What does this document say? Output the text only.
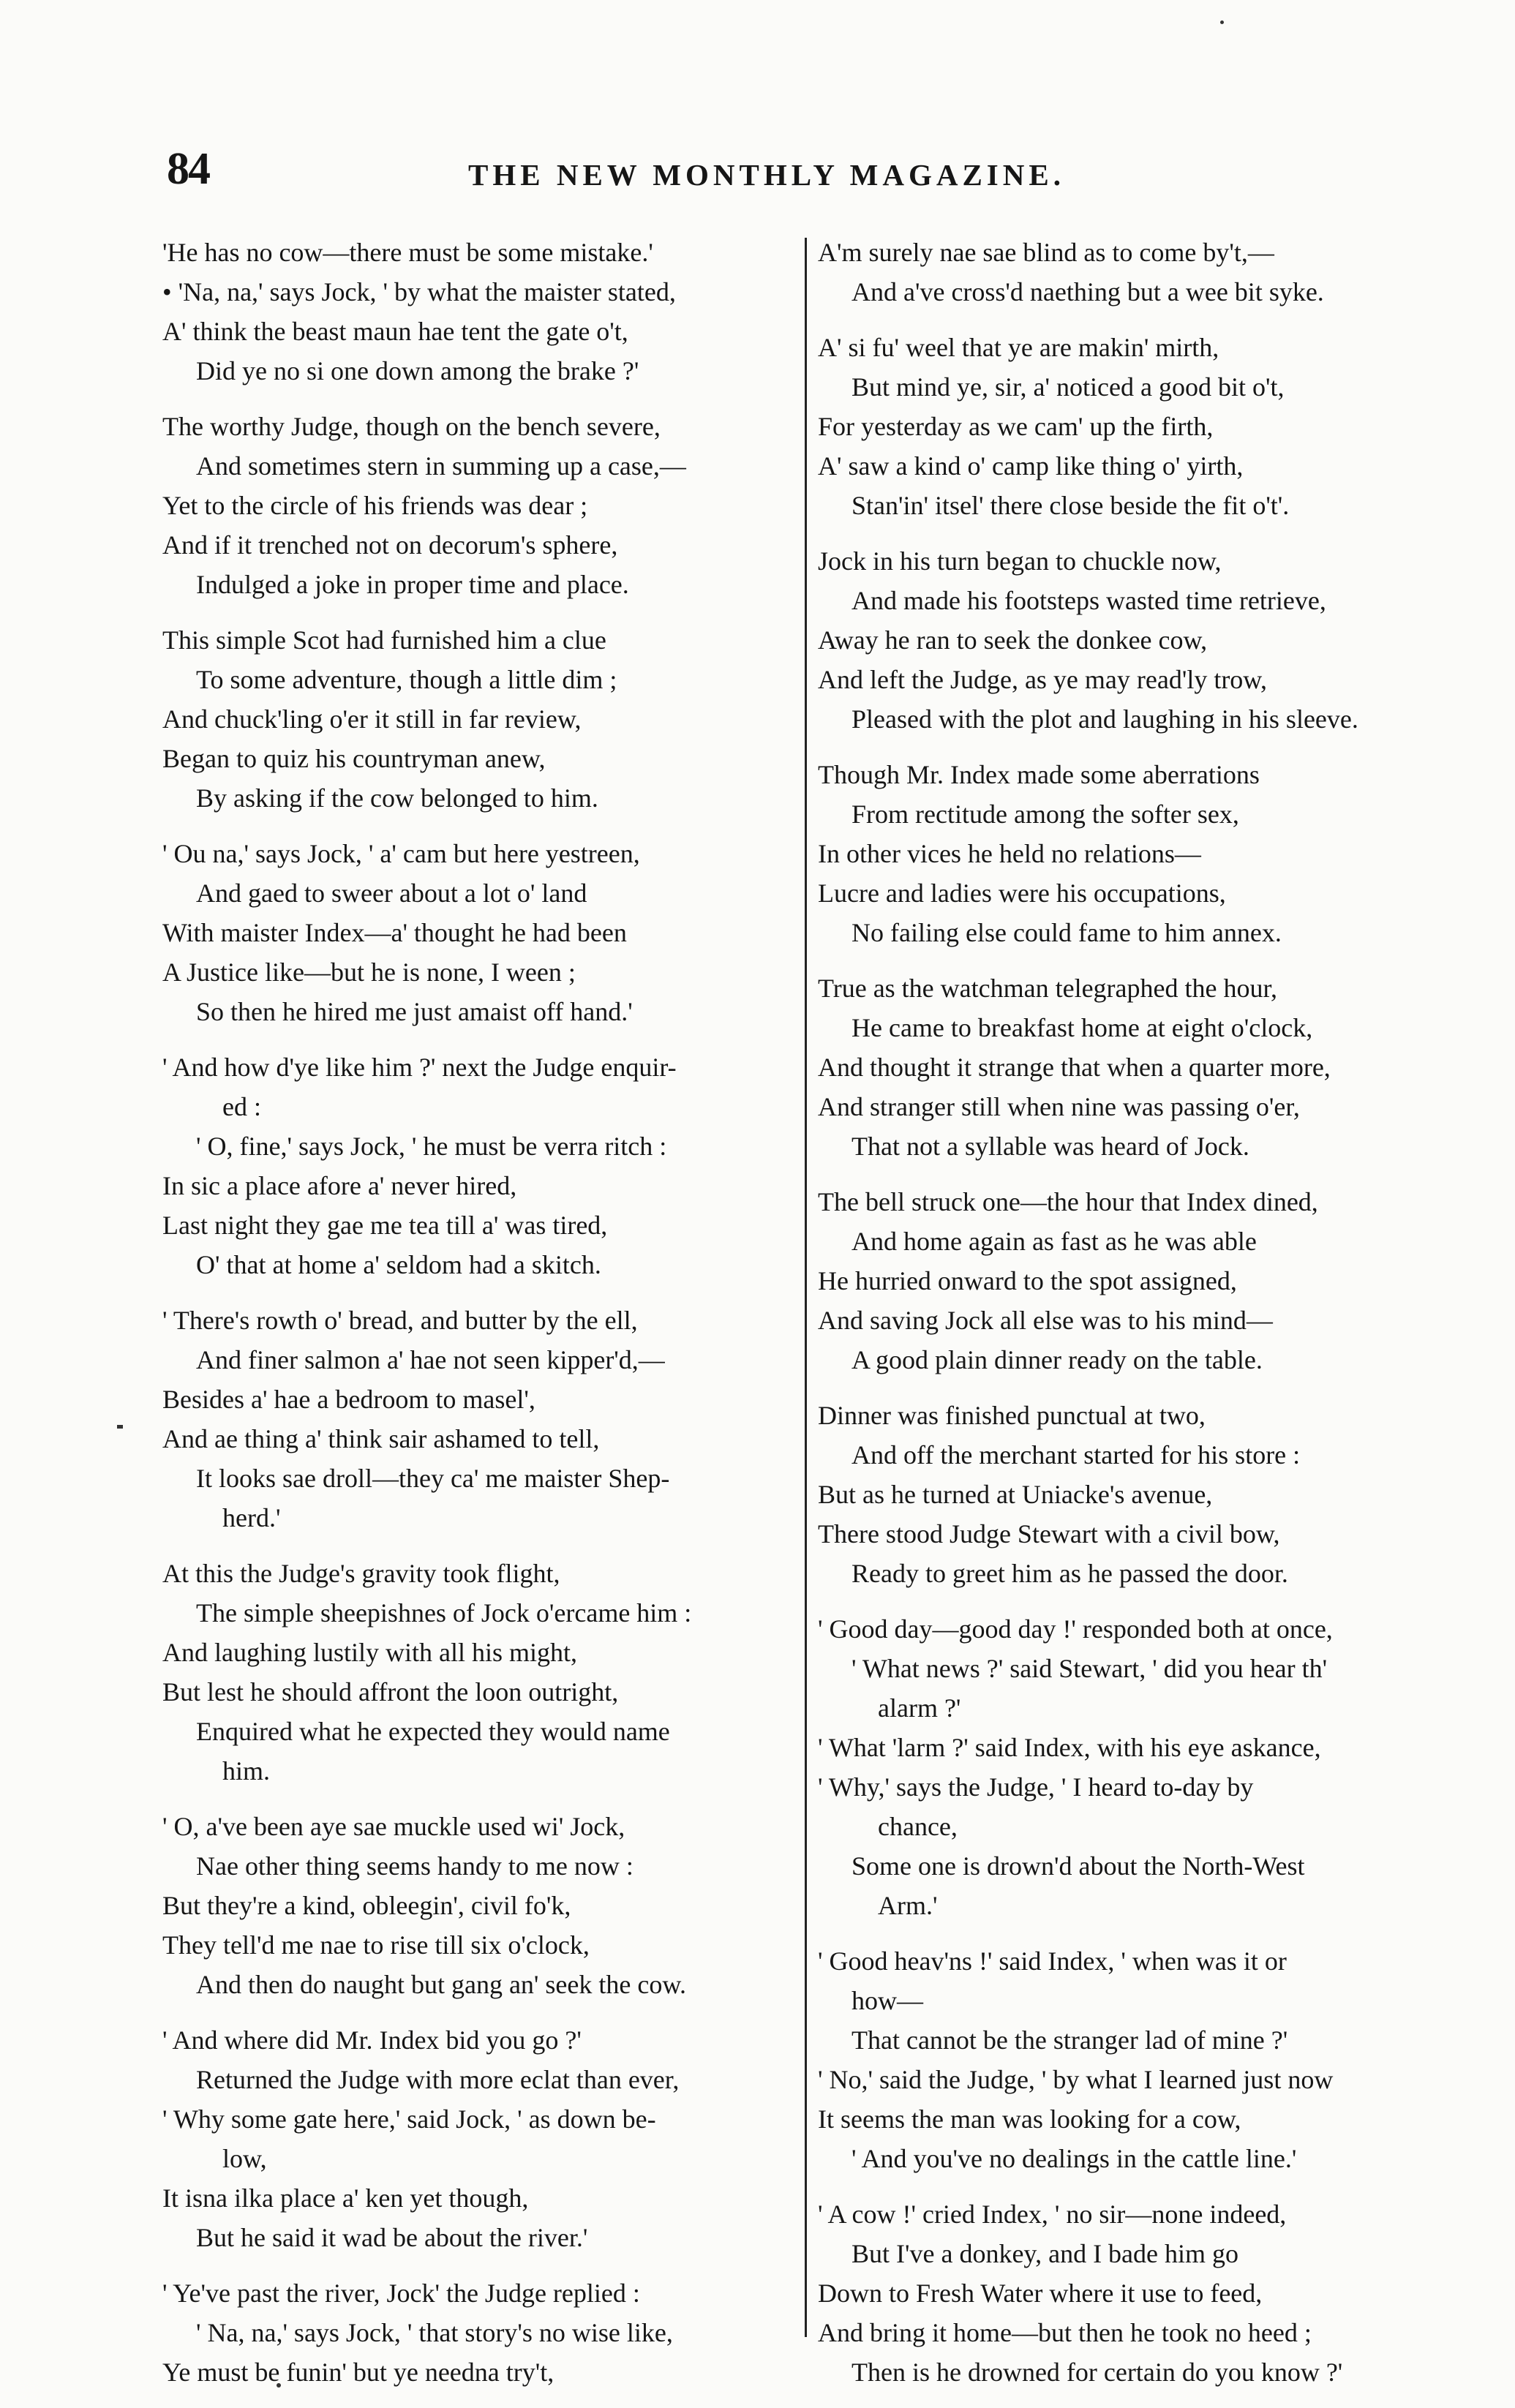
84	THE NEW MONTHLY MAGAZINE.
'He has no cow—there must be some mistake.'
• 'Na, na,' says Jock, ' by what the maister stated,
A' think the beast maun hae tent the gate o't,
Did ye no si one down among the brake ?'
The worthy Judge, though on the bench severe,
And sometimes stern in summing up a case,—
Yet to the circle of his friends was dear ;
And if it trenched not on decorum's sphere,
Indulged a joke in proper time and place.
This simple Scot had furnished him a clue
To some adventure, though a little dim ;
And chuck'ling o'er it still in far review,
Began to quiz his countryman anew,
By asking if the cow belonged to him.
' Ou na,' says Jock, ' a' cam but here yestreen,
And gaed to sweer about a lot o' land
With maister Index—a' thought he had been
A Justice like—but he is none, I ween ;
So then he hired me just amaist off hand.'
' And how d'ye like him ?' next the Judge enquir-
ed :
' O, fine,' says Jock, ' he must be verra ritch :
In sic a place afore a' never hired,
Last night they gae me tea till a' was tired,
O' that at home a' seldom had a skitch.
' There's rowth o' bread, and butter by the ell,
And finer salmon a' hae not seen kipper'd,—
Besides a' hae a bedroom to masel',
And ae thing a' think sair ashamed to tell,
It looks sae droll—they ca' me maister Shep-
herd.'
At this the Judge's gravity took flight,
The simple sheepishnes of Jock o'ercame him :
And laughing lustily with all his might,
But lest he should affront the loon outright,
Enquired what he expected they would name
him.
' O, a've been aye sae muckle used wi' Jock,
Nae other thing seems handy to me now :
But they're a kind, obleegin', civil fo'k,
They tell'd me nae to rise till six o'clock,
And then do naught but gang an' seek the cow.
' And where did Mr. Index bid you go ?'
Returned the Judge with more eclat than ever,
' Why some gate here,' said Jock, ' as down be-
low,
It isna ilka place a' ken yet though,
But he said it wad be about the river.'
' Ye've past the river, Jock' the Judge replied :
' Na, na,' says Jock, ' that story's no wise like,
Ye must be funin' but ye needna try't,
A'm surely nae sae blind as to come by't,—
And a've cross'd naething but a wee bit syke.
A' si fu' weel that ye are makin' mirth,
But mind ye, sir, a' noticed a good bit o't,
For yesterday as we cam' up the firth,
A' saw a kind o' camp like thing o' yirth,
Stan'in' itsel' there close beside the fit o't'.
Jock in his turn began to chuckle now,
And made his footsteps wasted time retrieve,
Away he ran to seek the donkee cow,
And left the Judge, as ye may read'ly trow,
Pleased with the plot and laughing in his sleeve.
Though Mr. Index made some aberrations
From rectitude among the softer sex,
In other vices he held no relations—
Lucre and ladies were his occupations,
No failing else could fame to him annex.
True as the watchman telegraphed the hour,
He came to breakfast home at eight o'clock,
And thought it strange that when a quarter more,
And stranger still when nine was passing o'er,
That not a syllable was heard of Jock.
The bell struck one—the hour that Index dined,
And home again as fast as he was able
He hurried onward to the spot assigned,
And saving Jock all else was to his mind—
A good plain dinner ready on the table.
Dinner was finished punctual at two,
And off the merchant started for his store :
But as he turned at Uniacke's avenue,
There stood Judge Stewart with a civil bow,
Ready to greet him as he passed the door.
' Good day—good day !' responded both at once,
' What news ?' said Stewart, ' did you hear th'
alarm ?'
' What 'larm ?' said Index, with his eye askance,
' Why,' says the Judge, ' I heard to-day by
chance,
Some one is drown'd about the North-West
Arm.'
' Good heav'ns !' said Index, ' when was it or
how—
That cannot be the stranger lad of mine ?'
' No,' said the Judge, ' by what I learned just now
It seems the man was looking for a cow,
' And you've no dealings in the cattle line.'
' A cow !' cried Index, ' no sir—none indeed,
But I've a donkey, and I bade him go
Down to Fresh Water where it use to feed,
And bring it home—but then he took no heed ;
Then is he drowned for certain do you know ?'
